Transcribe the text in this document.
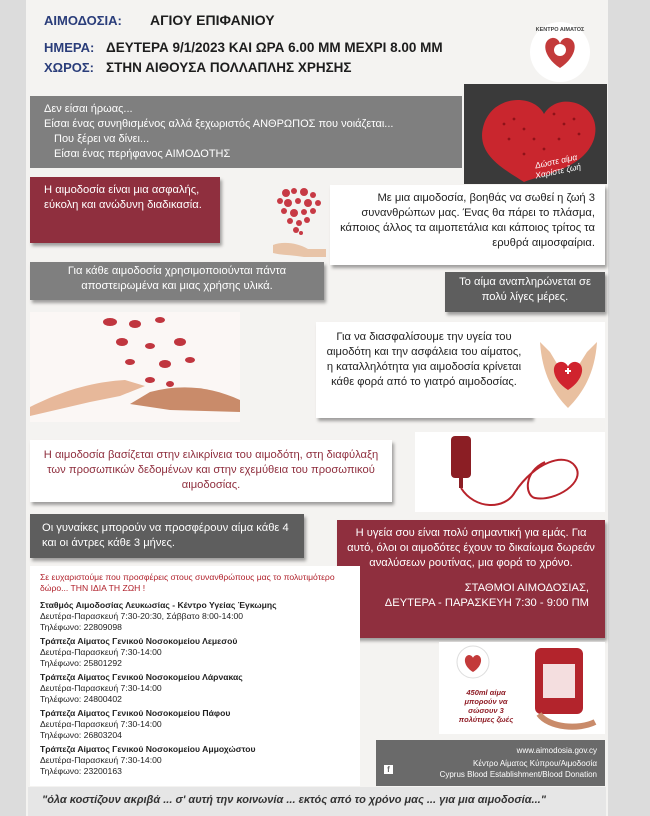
ΑΙΜΟΔΟΣΙΑ: ΑΓΙΟΥ ΕΠΙΦΑΝΙΟΥ
ΗΜΕΡΑ: ΔΕΥΤΕΡΑ 9/1/2023 ΚΑΙ ΩΡΑ 6.00 ΜΜ ΜΕΧΡΙ 8.00 ΜΜ
ΧΩΡΟΣ: ΣΤΗΝ ΑΙΘΟΥΣΑ ΠΟΛΛΑΠΛΗΣ ΧΡΗΣΗΣ
ΚΕΝΤΡΟ ΑΙΜΑΤΟΣ
Δεν είσαι ήρωας...
Είσαι ένας συνηθισμένος αλλά ξεχωριστός ΑΝΘΡΩΠΟΣ που νοιάζεται...
Που ξέρει να δίνει...
Είσαι ένας περήφανος ΑΙΜΟΔΟΤΗΣ	Δώστε αίμα Χαρίστε ζωή
Η αιμοδοσία είναι μια ασφαλής, εύκολη και ανώδυνη διαδικασία.
Με μια αιμοδοσία, βοηθάς να σωθεί η ζωή 3 συνανθρώπων μας. Ένας θα πάρει το πλάσμα, κάποιος άλλος τα αιμοπετάλια και κάποιος τρίτος τα ερυθρά αιμοσφαίρια.
Για κάθε αιμοδοσία χρησιμοποιούνται πάντα αποστειρωμένα και μιας χρήσης υλικά.	Το αίμα αναπληρώνεται σε πολύ λίγες μέρες.
Για να διασφαλίσουμε την υγεία του αιμοδότη και την ασφάλεια του αίματος, η καταλληλότητα για αιμοδοσία κρίνεται κάθε φορά από το γιατρό αιμοδοσίας.
Η αιμοδοσία βασίζεται στην ειλικρίνεια του αιμοδότη, στη διαφύλαξη των προσωπικών δεδομένων και στην εχεμύθεια του προσωπικού αιμοδοσίας.
Οι γυναίκες μπορούν να προσφέρουν αίμα κάθε 4 και οι άντρες κάθε 3 μήνες.
Η υγεία σου είναι πολύ σημαντική για εμάς. Για αυτό, όλοι οι αιμοδότες έχουν το δικαίωμα δωρεάν αναλύσεων ρουτίνας, μια φορά το χρόνο.
ΣΤΑΘΜΟΙ ΑΙΜΟΔΟΣΙΑΣ,
ΔΕΥΤΕΡΑ - ΠΑΡΑΣΚΕΥΗ 7:30 - 9:00 ΠΜ
Σε ευχαριστούμε που προσφέρεις στους συνανθρώπους μας το πολυτιμότερο δώρο... ΤΗΝ ΙΔΙΑ ΤΗ ΖΩΗ !
Σταθμός Αιμοδοσίας Λευκωσίας - Κέντρο Υγείας Έγκωμης
Δευτέρα-Παρασκευή 7:30-20:30, Σάββατο 8:00-14:00
Τηλέφωνο: 22809098
Τράπεζα Αίματος Γενικού Νοσοκομείου Λεμεσού
Δευτέρα-Παρασκευή 7:30-14:00
Τηλέφωνο: 25801292
Τράπεζα Αίματος Γενικού Νοσοκομείου Λάρνακας
Δευτέρα-Παρασκευή 7:30-14:00
Τηλέφωνο: 24800402
Τράπεζα Αίματος Γενικού Νοσοκομείου Πάφου
Δευτέρα-Παρασκευή 7:30-14:00
Τηλέφωνο: 26803204
Τράπεζα Αίματος Γενικού Νοσοκομείου Αμμοχώστου
Δευτέρα-Παρασκευή 7:30-14:00
Τηλέφωνο: 23200163
450ml αίμα μπορούν να σώσουν 3 πολύτιμες ζωές
www.aimodosia.gov.cy
f
Κέντρο Αίματος Κύπρου/Αιμοδοσία
Cyprus Blood Establishment/Blood Donation
"όλα κοστίζουν ακριβά ... σ' αυτή την κοινωνία ... εκτός από το χρόνο μας ... για μια αιμοδοσία..."
